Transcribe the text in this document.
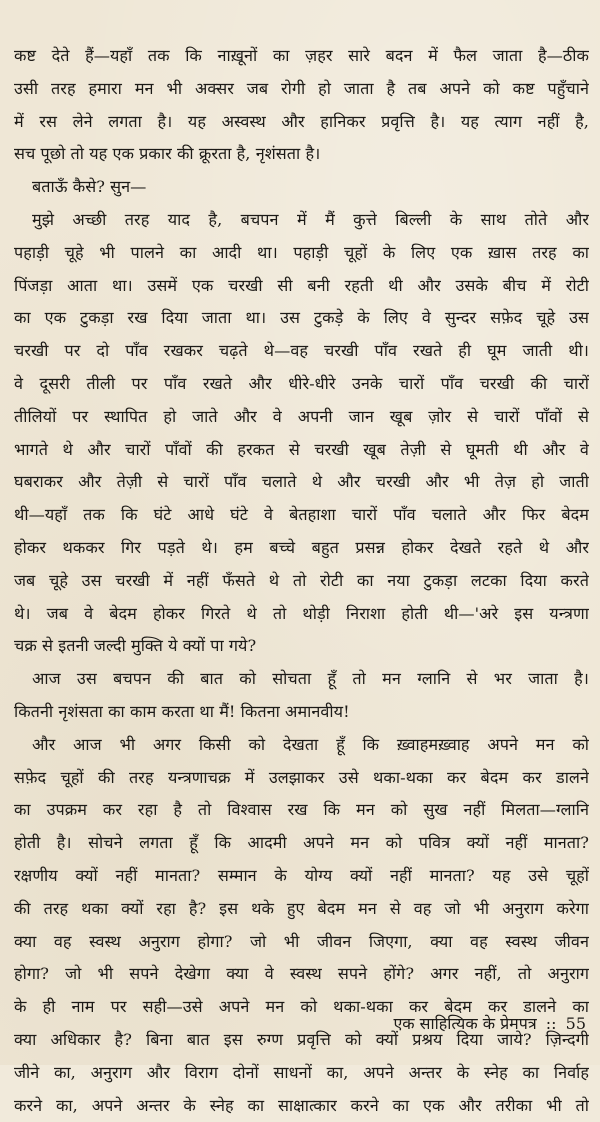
कष्ट देते हैं—यहाँ तक कि नाख़ूनों का ज़हर सारे बदन में फैल जाता है—ठीक
उसी तरह हमारा मन भी अक्सर जब रोगी हो जाता है तब अपने को कष्ट पहुँचाने
में रस लेने लगता है। यह अस्वस्थ और हानिकर प्रवृत्ति है। यह त्याग नहीं है,
सच पूछो तो यह एक प्रकार की क्रूरता है, नृशंसता है।
बताऊँ कैसे? सुन—
मुझे अच्छी तरह याद है, बचपन में मैं कुत्ते बिल्ली के साथ तोते और
पहाड़ी चूहे भी पालने का आदी था। पहाड़ी चूहों के लिए एक ख़ास तरह का
पिंजड़ा आता था। उसमें एक चरखी सी बनी रहती थी और उसके बीच में रोटी
का एक टुकड़ा रख दिया जाता था। उस टुकड़े के लिए वे सुन्दर सफ़ेद चूहे उस
चरखी पर दो पाँव रखकर चढ़ते थे—वह चरखी पाँव रखते ही घूम जाती थी।
वे दूसरी तीली पर पाँव रखते और धीरे-धीरे उनके चारों पाँव चरखी की चारों
तीलियों पर स्थापित हो जाते और वे अपनी जान खूब ज़ोर से चारों पाँवों से
भागते थे और चारों पाँवों की हरकत से चरखी खूब तेज़ी से घूमती थी और वे
घबराकर और तेज़ी से चारों पाँव चलाते थे और चरखी और भी तेज़ हो जाती
थी—यहाँ तक कि घंटे आधे घंटे वे बेतहाशा चारों पाँव चलाते और फिर बेदम
होकर थककर गिर पड़ते थे। हम बच्चे बहुत प्रसन्न होकर देखते रहते थे और
जब चूहे उस चरखी में नहीं फँसते थे तो रोटी का नया टुकड़ा लटका दिया करते
थे। जब वे बेदम होकर गिरते थे तो थोड़ी निराशा होती थी—'अरे इस यन्त्रणा
चक्र से इतनी जल्दी मुक्ति ये क्यों पा गये?
आज उस बचपन की बात को सोचता हूँ तो मन ग्लानि से भर जाता है।
कितनी नृशंसता का काम करता था मैं! कितना अमानवीय!
और आज भी अगर किसी को देखता हूँ कि ख़्वाहमख़्वाह अपने मन को
सफ़ेद चूहों की तरह यन्त्रणाचक्र में उलझाकर उसे थका-थका कर बेदम कर डालने
का उपक्रम कर रहा है तो विश्वास रख कि मन को सुख नहीं मिलता—ग्लानि
होती है। सोचने लगता हूँ कि आदमी अपने मन को पवित्र क्यों नहीं मानता?
रक्षणीय क्यों नहीं मानता? सम्मान के योग्य क्यों नहीं मानता? यह उसे चूहों
की तरह थका क्यों रहा है? इस थके हुए बेदम मन से वह जो भी अनुराग करेगा
क्या वह स्वस्थ अनुराग होगा? जो भी जीवन जिएगा, क्या वह स्वस्थ जीवन
होगा? जो भी सपने देखेगा क्या वे स्वस्थ सपने होंगे? अगर नहीं, तो अनुराग
के ही नाम पर सही—उसे अपने मन को थका-थका कर बेदम कर डालने का
क्या अधिकार है? बिना बात इस रुग्ण प्रवृत्ति को क्यों प्रश्रय दिया जाये? ज़िन्दगी
जीने का, अनुराग और विराग दोनों साधनों का, अपने अन्तर के स्नेह का निर्वाह
करने का, अपने अन्तर के स्नेह का साक्षात्कार करने का एक और तरीका भी तो
एक साहित्यिक के प्रेमपत्र :: 55
